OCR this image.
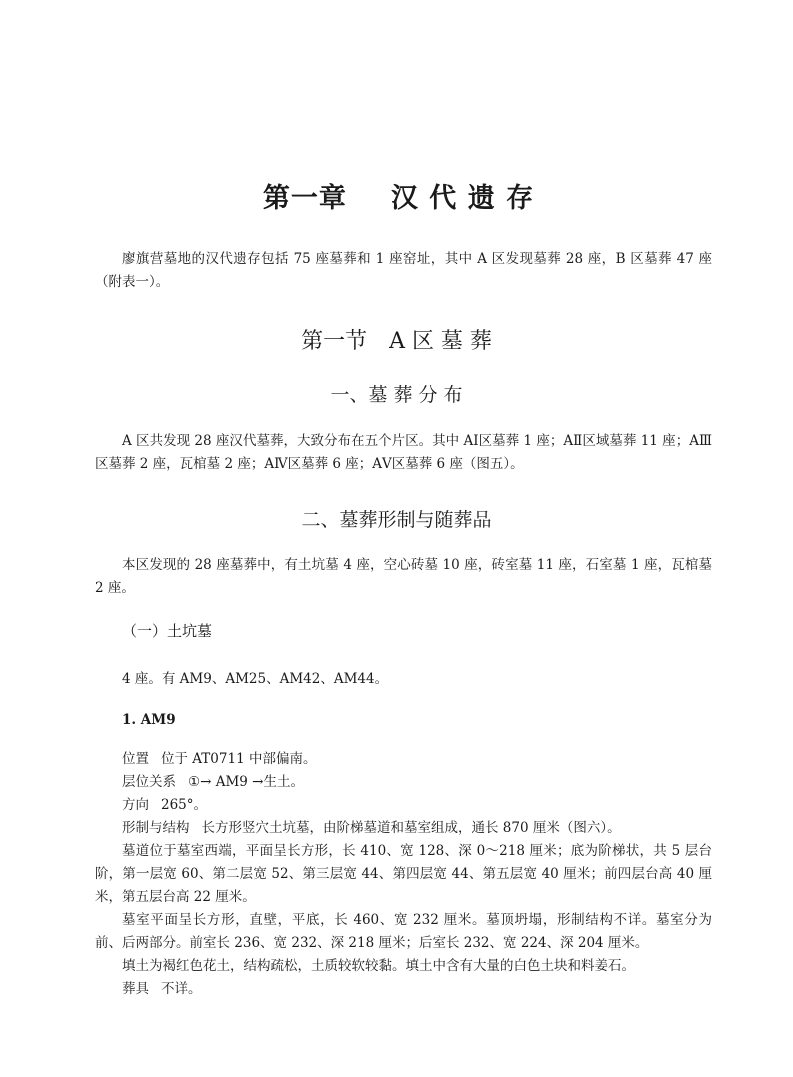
第一章 汉 代 遗 存

廖旗营墓地的汉代遗存包括 75 座墓葬和 1 座窑址，其中 A 区发现墓葬 28 座，B 区墓葬 47 座（附表一）。

第一节　A 区 墓 葬
一、墓 葬 分 布

A 区共发现 28 座汉代墓葬，大致分布在五个片区。其中 AⅠ区墓葬 1 座；AⅡ区域墓葬 11 座；AⅢ区墓葬 2 座，瓦棺墓 2 座；AⅣ区墓葬 6 座；AⅤ区墓葬 6 座（图五）。

二、墓葬形制与随葬品

本区发现的 28 座墓葬中，有土坑墓 4 座，空心砖墓 10 座，砖室墓 11 座，石室墓 1 座，瓦棺墓 2 座。

（一）土坑墓

4 座。有 AM9、AM25、AM42、AM44。

1. AM9

位置 位于 AT0711 中部偏南。

层位关系 ①→ AM9 →生土。

方向 265°。

形制与结构 长方形竖穴土坑墓，由阶梯墓道和墓室组成，通长 870 厘米（图六）。

墓道位于墓室西端，平面呈长方形，长 410、宽 128、深 0～218 厘米；底为阶梯状，共 5 层台阶，第一层宽 60、第二层宽 52、第三层宽 44、第四层宽 44、第五层宽 40 厘米；前四层台高 40 厘米，第五层台高 22 厘米。

墓室平面呈长方形，直壁，平底，长 460、宽 232 厘米。墓顶坍塌，形制结构不详。墓室分为前、后两部分。前室长 236、宽 232、深 218 厘米；后室长 232、宽 224、深 204 厘米。

填土为褐红色花土，结构疏松，土质较软较黏。填土中含有大量的白色土块和料姜石。

葬具 不详。
